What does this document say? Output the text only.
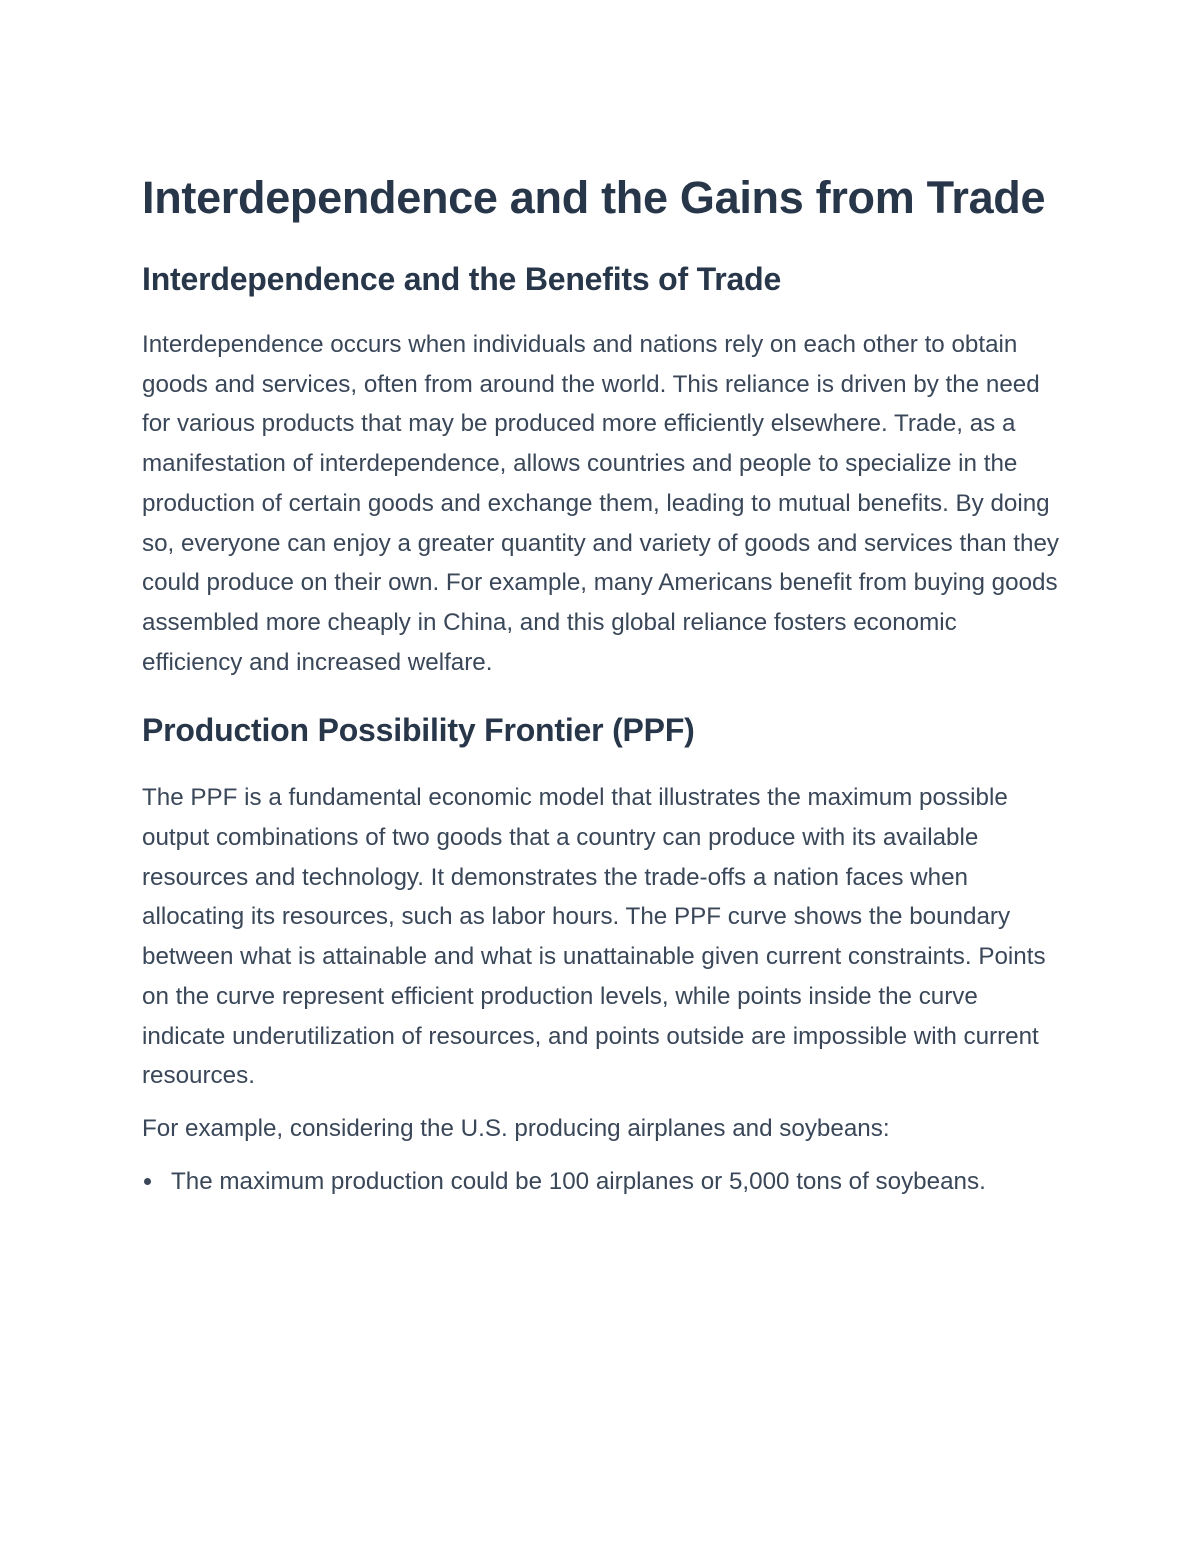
Interdependence and the Gains from Trade
Interdependence and the Benefits of Trade

Interdependence occurs when individuals and nations rely on each other to obtain goods and services, often from around the world. This reliance is driven by the need for various products that may be produced more efficiently elsewhere. Trade, as a manifestation of interdependence, allows countries and people to specialize in the production of certain goods and exchange them, leading to mutual benefits. By doing so, everyone can enjoy a greater quantity and variety of goods and services than they could produce on their own. For example, many Americans benefit from buying goods assembled more cheaply in China, and this global reliance fosters economic efficiency and increased welfare.

Production Possibility Frontier (PPF)

The PPF is a fundamental economic model that illustrates the maximum possible output combinations of two goods that a country can produce with its available resources and technology. It demonstrates the trade-offs a nation faces when allocating its resources, such as labor hours. The PPF curve shows the boundary between what is attainable and what is unattainable given current constraints. Points on the curve represent efficient production levels, while points inside the curve indicate underutilization of resources, and points outside are impossible with current resources.

For example, considering the U.S. producing airplanes and soybeans:

The maximum production could be 100 airplanes or 5,000 tons of soybeans.
